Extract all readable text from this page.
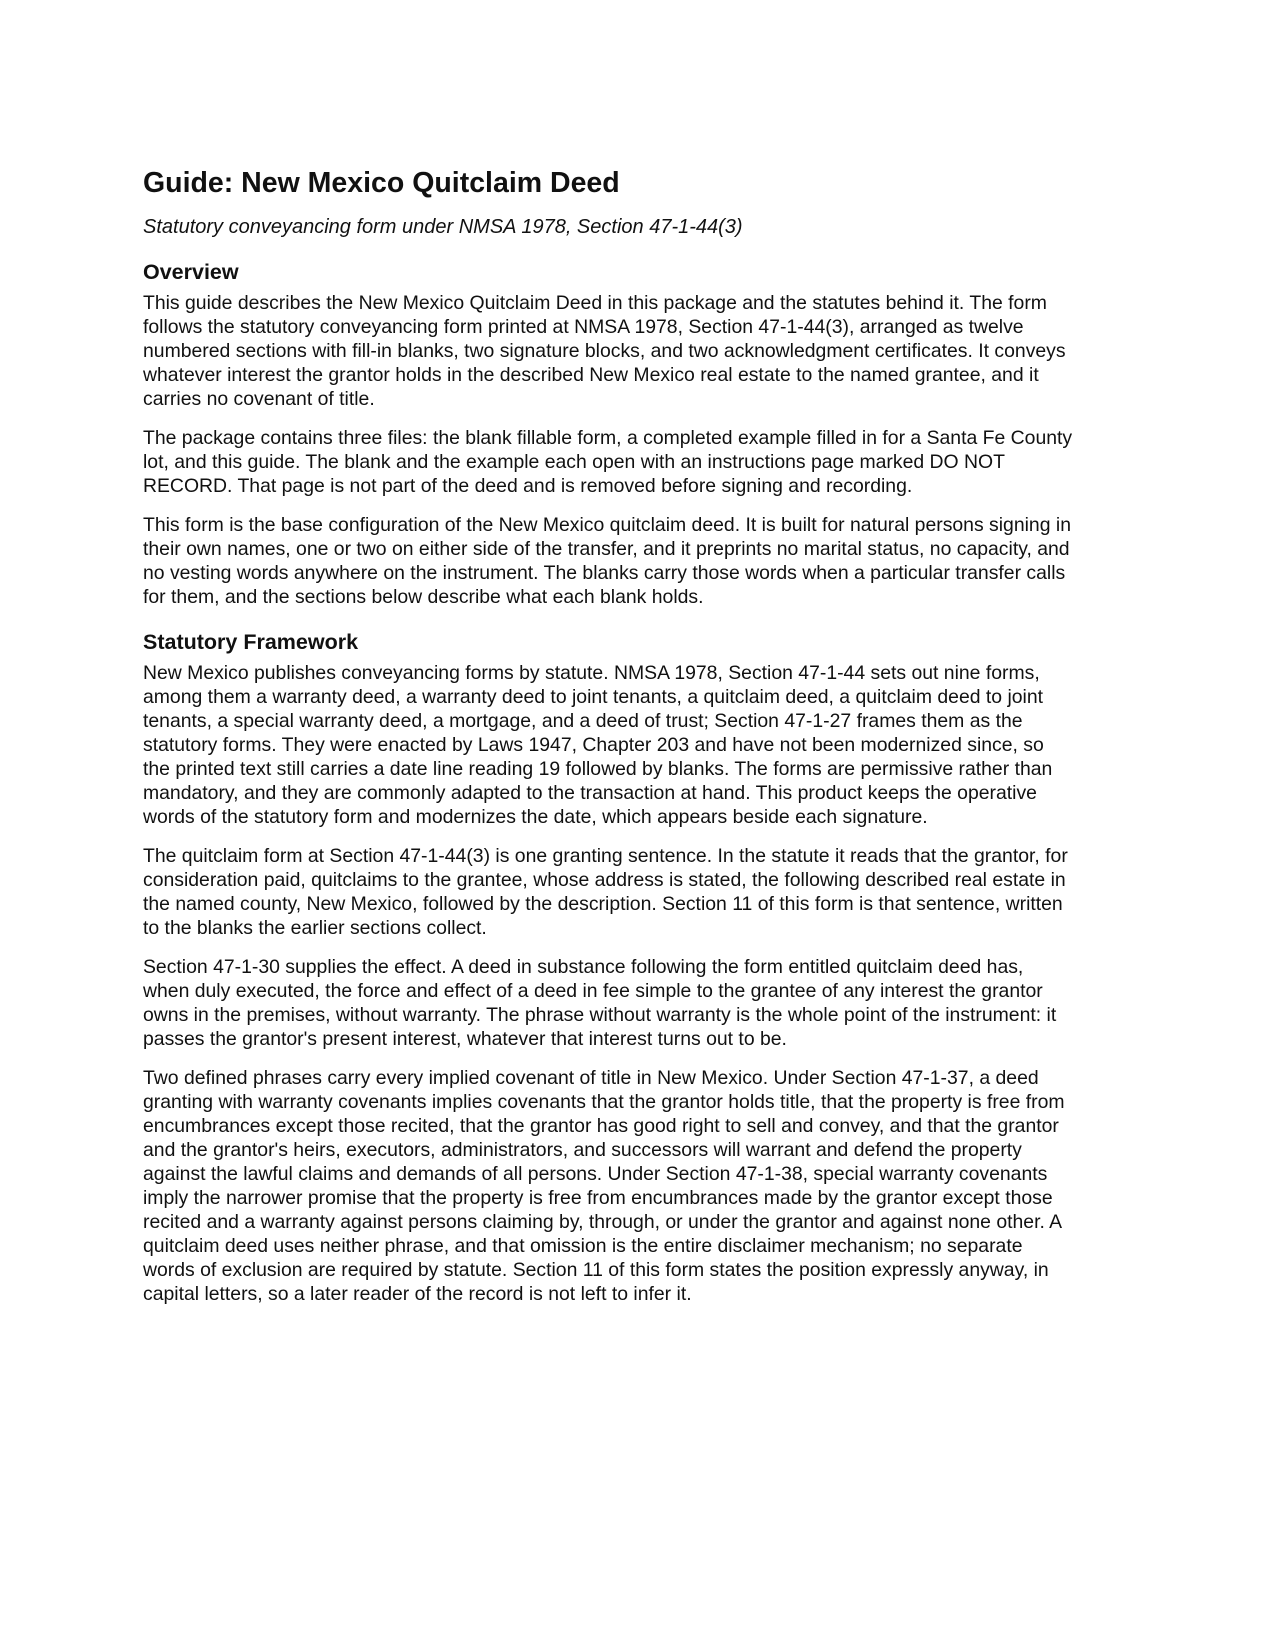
Guide: New Mexico Quitclaim Deed

Statutory conveyancing form under NMSA 1978, Section 47-1-44(3)

Overview

This guide describes the New Mexico Quitclaim Deed in this package and the statutes behind it. The form follows the statutory conveyancing form printed at NMSA 1978, Section 47-1-44(3), arranged as twelve numbered sections with fill-in blanks, two signature blocks, and two acknowledgment certificates. It conveys whatever interest the grantor holds in the described New Mexico real estate to the named grantee, and it carries no covenant of title.

The package contains three files: the blank fillable form, a completed example filled in for a Santa Fe County lot, and this guide. The blank and the example each open with an instructions page marked DO NOT RECORD. That page is not part of the deed and is removed before signing and recording.

This form is the base configuration of the New Mexico quitclaim deed. It is built for natural persons signing in their own names, one or two on either side of the transfer, and it preprints no marital status, no capacity, and no vesting words anywhere on the instrument. The blanks carry those words when a particular transfer calls for them, and the sections below describe what each blank holds.

Statutory Framework

New Mexico publishes conveyancing forms by statute. NMSA 1978, Section 47-1-44 sets out nine forms, among them a warranty deed, a warranty deed to joint tenants, a quitclaim deed, a quitclaim deed to joint tenants, a special warranty deed, a mortgage, and a deed of trust; Section 47-1-27 frames them as the statutory forms. They were enacted by Laws 1947, Chapter 203 and have not been modernized since, so the printed text still carries a date line reading 19 followed by blanks. The forms are permissive rather than mandatory, and they are commonly adapted to the transaction at hand. This product keeps the operative words of the statutory form and modernizes the date, which appears beside each signature.

The quitclaim form at Section 47-1-44(3) is one granting sentence. In the statute it reads that the grantor, for consideration paid, quitclaims to the grantee, whose address is stated, the following described real estate in the named county, New Mexico, followed by the description. Section 11 of this form is that sentence, written to the blanks the earlier sections collect.

Section 47-1-30 supplies the effect. A deed in substance following the form entitled quitclaim deed has, when duly executed, the force and effect of a deed in fee simple to the grantee of any interest the grantor owns in the premises, without warranty. The phrase without warranty is the whole point of the instrument: it passes the grantor's present interest, whatever that interest turns out to be.

Two defined phrases carry every implied covenant of title in New Mexico. Under Section 47-1-37, a deed granting with warranty covenants implies covenants that the grantor holds title, that the property is free from encumbrances except those recited, that the grantor has good right to sell and convey, and that the grantor and the grantor's heirs, executors, administrators, and successors will warrant and defend the property against the lawful claims and demands of all persons. Under Section 47-1-38, special warranty covenants imply the narrower promise that the property is free from encumbrances made by the grantor except those recited and a warranty against persons claiming by, through, or under the grantor and against none other. A quitclaim deed uses neither phrase, and that omission is the entire disclaimer mechanism; no separate words of exclusion are required by statute. Section 11 of this form states the position expressly anyway, in capital letters, so a later reader of the record is not left to infer it.
